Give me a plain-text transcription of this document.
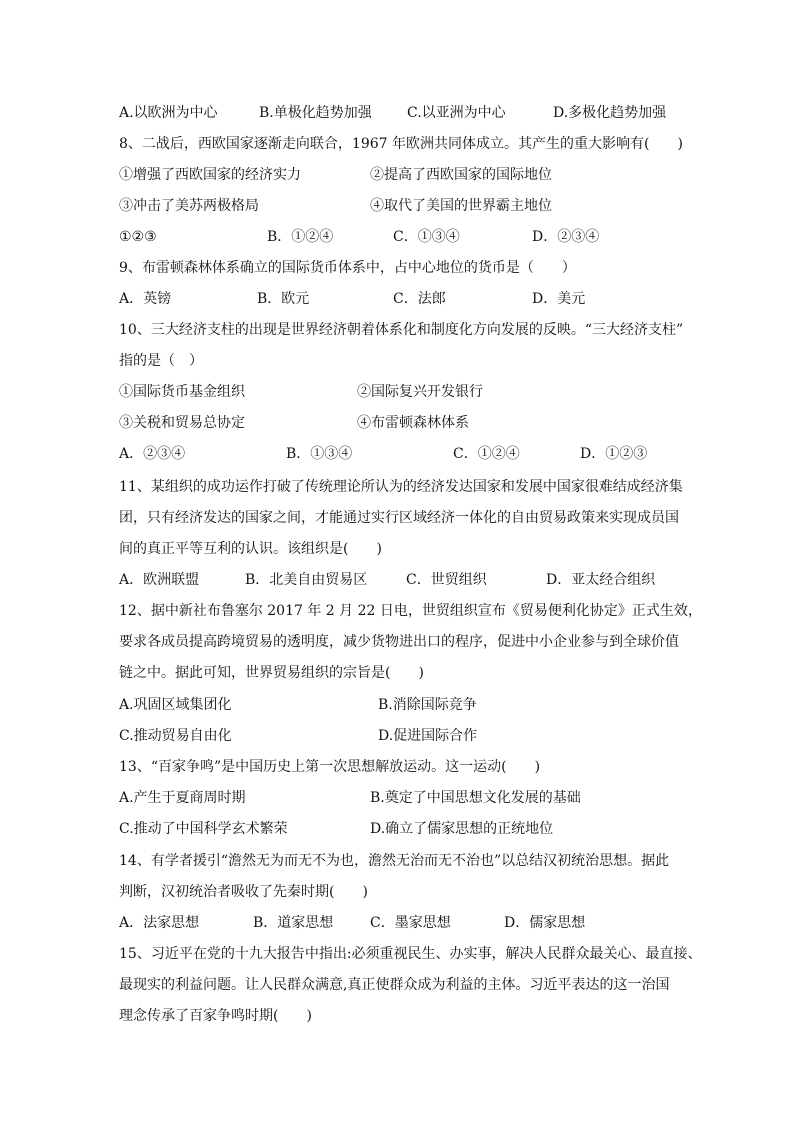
A.以欧洲为中心	B.单极化趋势加强	C.以亚洲为中心	D.多极化趋势加强
8、二战后，西欧国家逐渐走向联合，1967 年欧洲共同体成立。其产生的重大影响有(　　)
①增强了西欧国家的经济实力	②提高了西欧国家的国际地位
③冲击了美苏两极格局	④取代了美国的世界霸主地位
①②③	B．①②④	C．①③④	D．②③④
9、布雷顿森林体系确立的国际货币体系中，占中心地位的货币是（　　）
A．英镑	B．欧元	C．法郎	D．美元
10、三大经济支柱的出现是世界经济朝着体系化和制度化方向发展的反映。“三大经济支柱”
指的是（　）
①国际货币基金组织	②国际复兴开发银行
③关税和贸易总协定	④布雷顿森林体系
A．②③④	B．①③④	C．①②④	D．①②③
11、某组织的成功运作打破了传统理论所认为的经济发达国家和发展中国家很难结成经济集
团，只有经济发达的国家之间，才能通过实行区域经济一体化的自由贸易政策来实现成员国
间的真正平等互利的认识。该组织是(　　)
A．欧洲联盟	B．北美自由贸易区	C．世贸组织	D．亚太经合组织
12、据中新社布鲁塞尔 2017 年 2 月 22 日电，世贸组织宣布《贸易便利化协定》正式生效，
要求各成员提高跨境贸易的透明度，减少货物进出口的程序，促进中小企业参与到全球价值
链之中。据此可知，世界贸易组织的宗旨是(　　)
A.巩固区域集团化	B.消除国际竞争
C.推动贸易自由化	D.促进国际合作
13、“百家争鸣”是中国历史上第一次思想解放运动。这一运动(　　)
A.产生于夏商周时期	B.奠定了中国思想文化发展的基础
C.推动了中国科学玄术繁荣	D.确立了儒家思想的正统地位
14、有学者援引“澹然无为而无不为也，澹然无治而无不治也”以总结汉初统治思想。据此
判断，汉初统治者吸收了先秦时期(　　)
A．法家思想	B．道家思想	C．墨家思想	D．儒家思想
15、习近平在党的十九大报告中指出:必须重视民生、办实事，解决人民群众最关心、最直接、
最现实的利益问题。让人民群众满意,真正使群众成为利益的主体。习近平表达的这一治国
理念传承了百家争鸣时期(　　)
